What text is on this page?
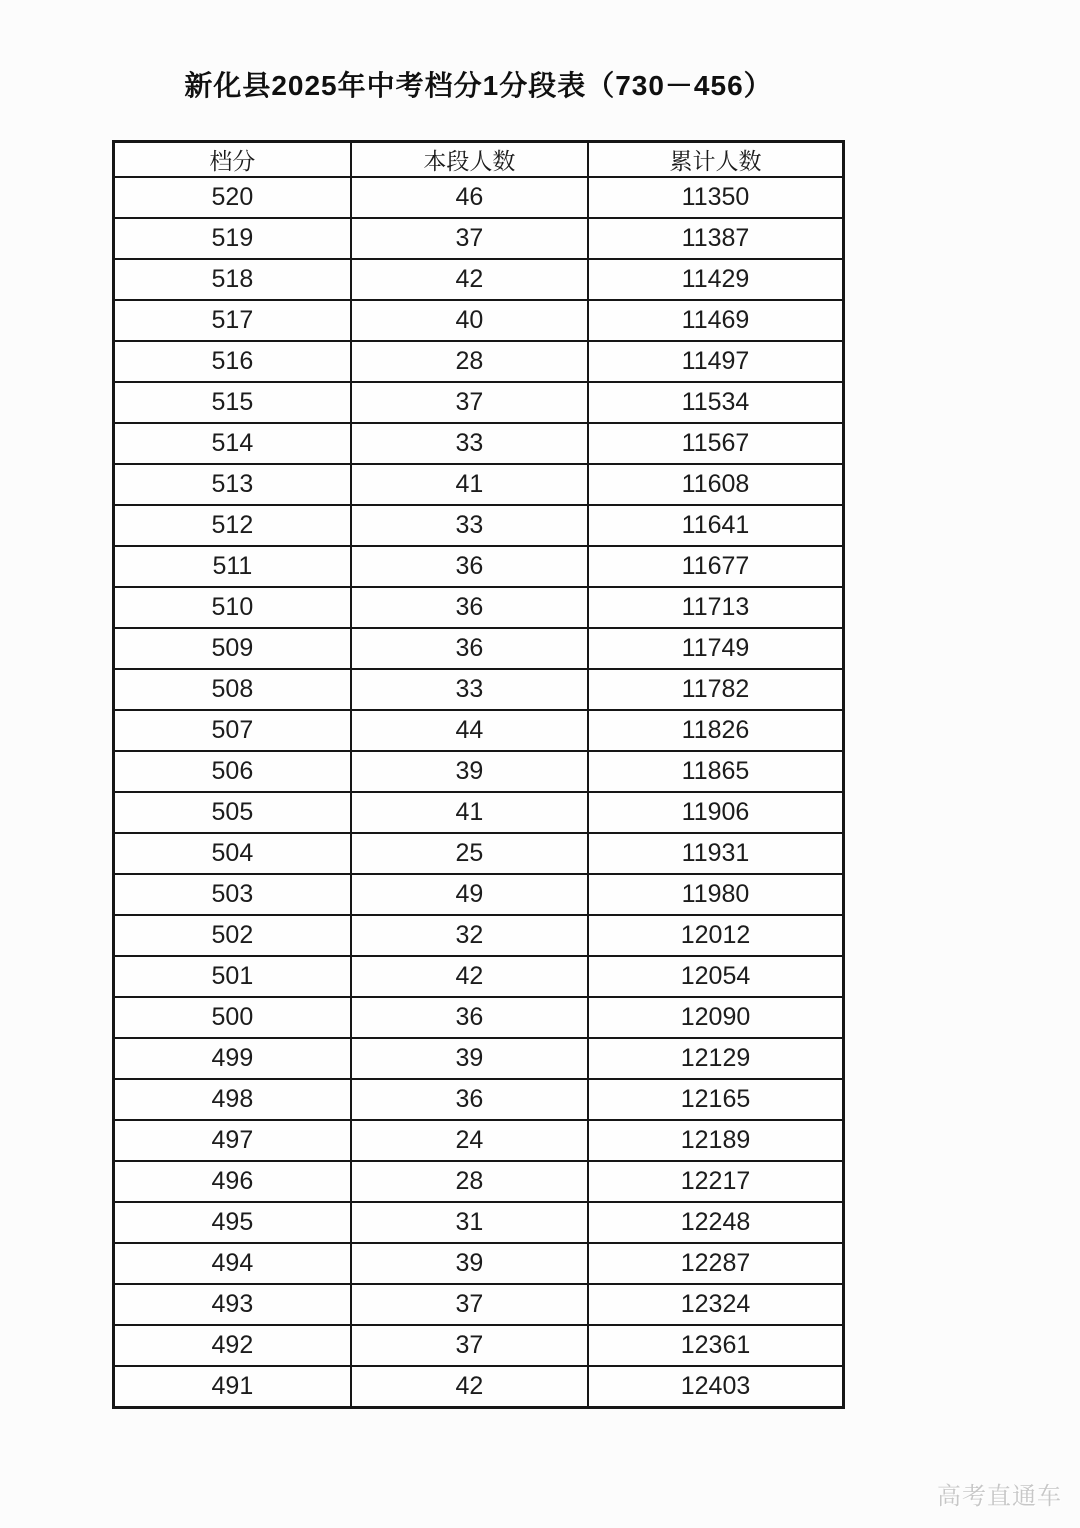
新化县2025年中考档分1分段表（730－456）
档分	本段人数	累计人数
520	46	11350
519	37	11387
518	42	11429
517	40	11469
516	28	11497
515	37	11534
514	33	11567
513	41	11608
512	33	11641
511	36	11677
510	36	11713
509	36	11749
508	33	11782
507	44	11826
506	39	11865
505	41	11906
504	25	11931
503	49	11980
502	32	12012
501	42	12054
500	36	12090
499	39	12129
498	36	12165
497	24	12189
496	28	12217
495	31	12248
494	39	12287
493	37	12324
492	37	12361
491	42	12403
高考直通车
